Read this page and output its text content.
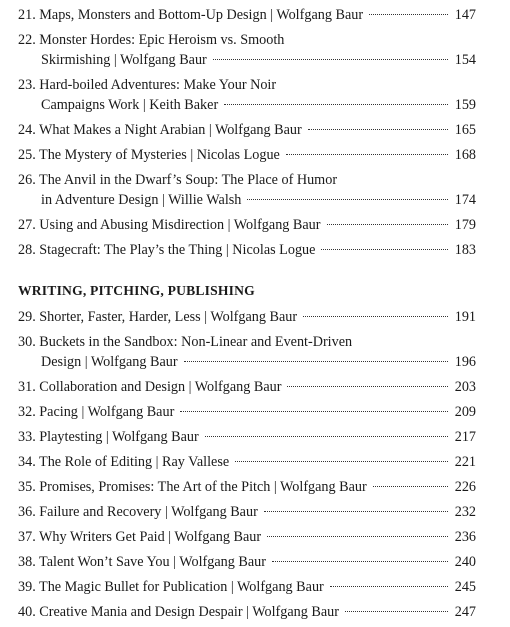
21. Maps, Monsters and Bottom-Up Design | Wolfgang Baur	147
22. Monster Hordes: Epic Heroism vs. Smooth
Skirmishing | Wolfgang Baur	154
23. Hard-boiled Adventures: Make Your Noir
Campaigns Work | Keith Baker	159
24. What Makes a Night Arabian | Wolfgang Baur	165
25. The Mystery of Mysteries | Nicolas Logue	168
26. The Anvil in the Dwarf’s Soup: The Place of Humor
in Adventure Design | Willie Walsh	174
27. Using and Abusing Misdirection | Wolfgang Baur	179
28. Stagecraft: The Play’s the Thing | Nicolas Logue	183
WRITING, PITCHING, PUBLISHING
29. Shorter, Faster, Harder, Less | Wolfgang Baur	191
30. Buckets in the Sandbox: Non-Linear and Event-Driven
Design | Wolfgang Baur	196
31. Collaboration and Design | Wolfgang Baur	203
32. Pacing | Wolfgang Baur	209
33. Playtesting | Wolfgang Baur	217
34. The Role of Editing | Ray Vallese	221
35. Promises, Promises: The Art of the Pitch | Wolfgang Baur	226
36. Failure and Recovery | Wolfgang Baur	232
37. Why Writers Get Paid | Wolfgang Baur	236
38. Talent Won’t Save You | Wolfgang Baur	240
39. The Magic Bullet for Publication | Wolfgang Baur	245
40. Creative Mania and Design Despair | Wolfgang Baur	247
